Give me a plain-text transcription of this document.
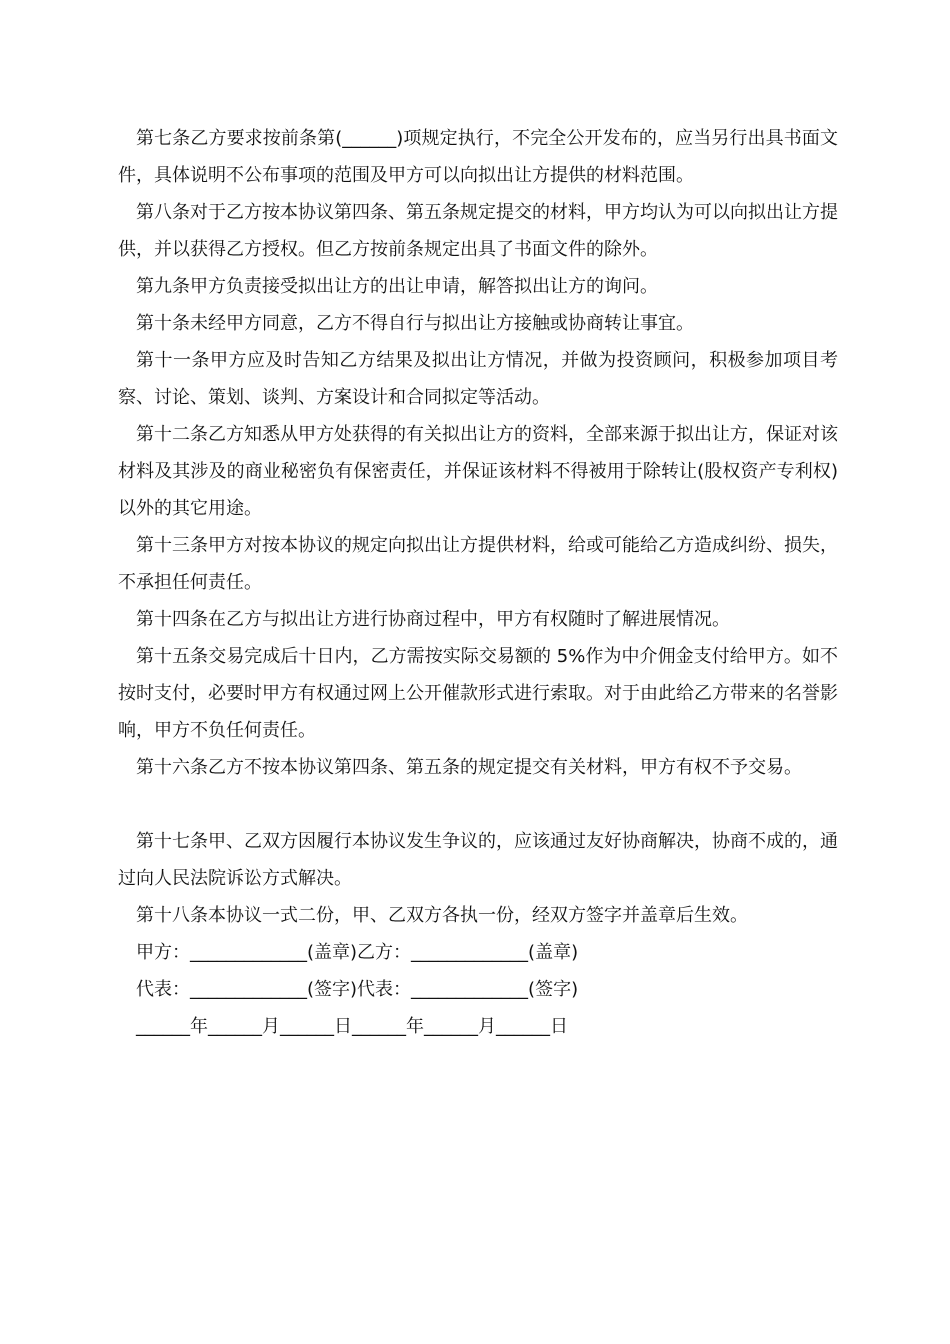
第七条乙方要求按前条第(______)项规定执行，不完全公开发布的，应当另行出具书面文件，具体说明不公布事项的范围及甲方可以向拟出让方提供的材料范围。

第八条对于乙方按本协议第四条、第五条规定提交的材料，甲方均认为可以向拟出让方提供，并以获得乙方授权。但乙方按前条规定出具了书面文件的除外。

第九条甲方负责接受拟出让方的出让申请，解答拟出让方的询问。

第十条未经甲方同意，乙方不得自行与拟出让方接触或协商转让事宜。

第十一条甲方应及时告知乙方结果及拟出让方情况，并做为投资顾问，积极参加项目考察、讨论、策划、谈判、方案设计和合同拟定等活动。

第十二条乙方知悉从甲方处获得的有关拟出让方的资料，全部来源于拟出让方，保证对该材料及其涉及的商业秘密负有保密责任，并保证该材料不得被用于除转让(股权资产专利权)以外的其它用途。

第十三条甲方对按本协议的规定向拟出让方提供材料，给或可能给乙方造成纠纷、损失，不承担任何责任。

第十四条在乙方与拟出让方进行协商过程中，甲方有权随时了解进展情况。

第十五条交易完成后十日内，乙方需按实际交易额的 5%作为中介佣金支付给甲方。如不按时支付，必要时甲方有权通过网上公开催款形式进行索取。对于由此给乙方带来的名誉影响，甲方不负任何责任。

第十六条乙方不按本协议第四条、第五条的规定提交有关材料，甲方有权不予交易。

第十七条甲、乙双方因履行本协议发生争议的，应该通过友好协商解决，协商不成的，通过向人民法院诉讼方式解决。

第十八条本协议一式二份，甲、乙双方各执一份，经双方签字并盖章后生效。

甲方：_____________(盖章)乙方：_____________(盖章)

代表：_____________(签字)代表：_____________(签字)

______年______月______日______年______月______日
